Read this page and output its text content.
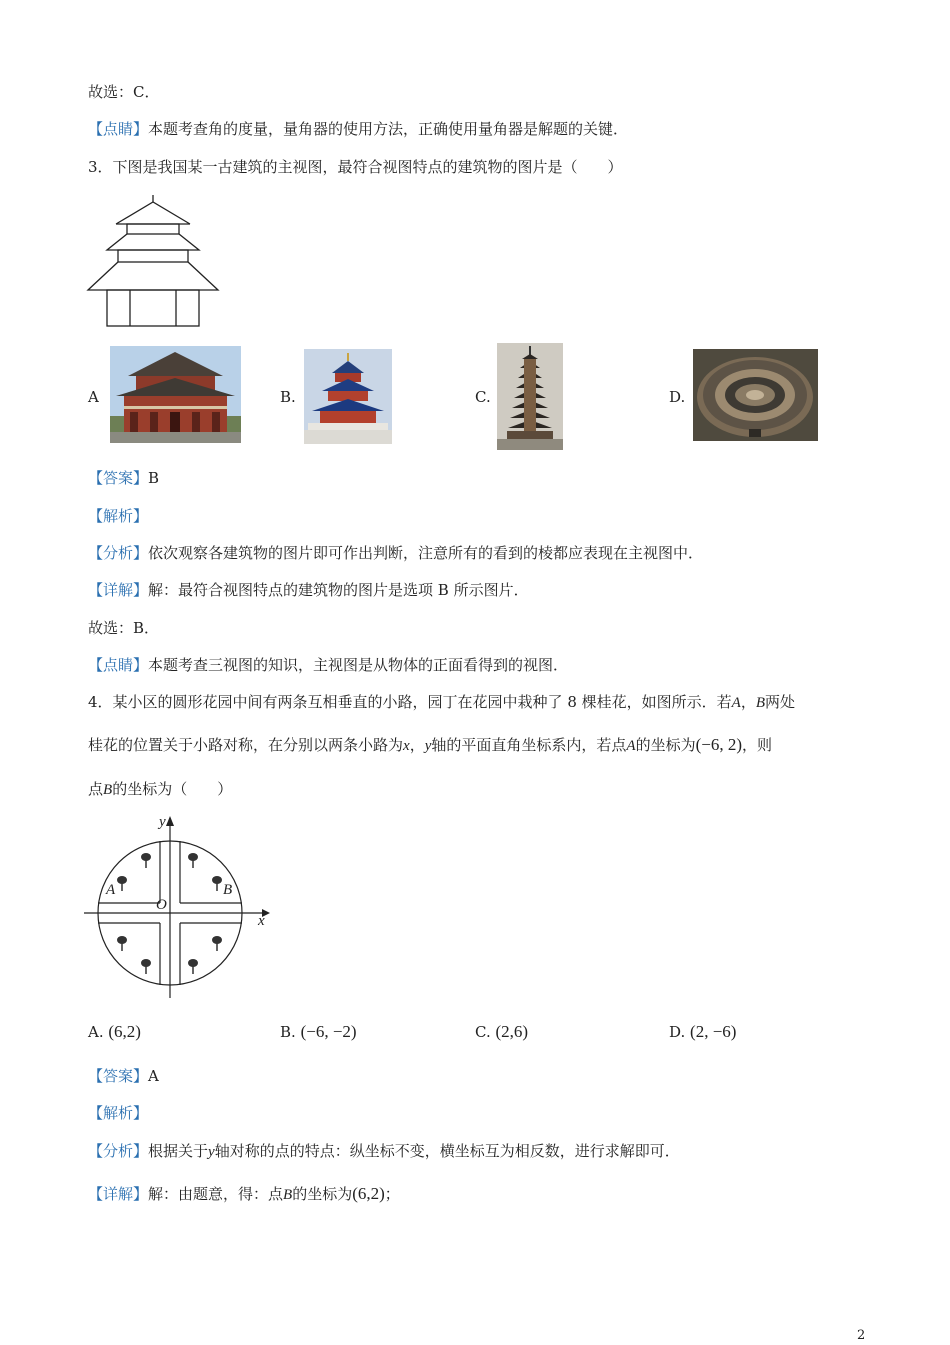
故选：C．
【点睛】本题考查角的度量，量角器的使用方法，正确使用量角器是解题的关键．
3．下图是我国某一古建筑的主视图，最符合视图特点的建筑物的图片是（　　）
A	B.	C.	D.
【答案】B
【解析】
【分析】依次观察各建筑物的图片即可作出判断，注意所有的看到的棱都应表现在主视图中．
【详解】解：最符合视图特点的建筑物的图片是选项 B 所示图片．
故选：B．
【点睛】本题考查三视图的知识，主视图是从物体的正面看得到的视图．
4．某小区的圆形花园中间有两条互相垂直的小路，园丁在花园中栽种了 8 棵桂花，如图所示．若A，B两处
桂花的位置关于小路对称，在分别以两条小路为x，y轴的平面直角坐标系内，若点A的坐标为(−6, 2)，则
点B的坐标为（　　）
y
x
O
A	B
A. (6,2)	B. (−6, −2)	C. (2,6)	D. (2, −6)
【答案】A
【解析】
【分析】根据关于y轴对称的点的特点：纵坐标不变，横坐标互为相反数，进行求解即可．
【详解】解：由题意，得：点B的坐标为(6,2)；
2
